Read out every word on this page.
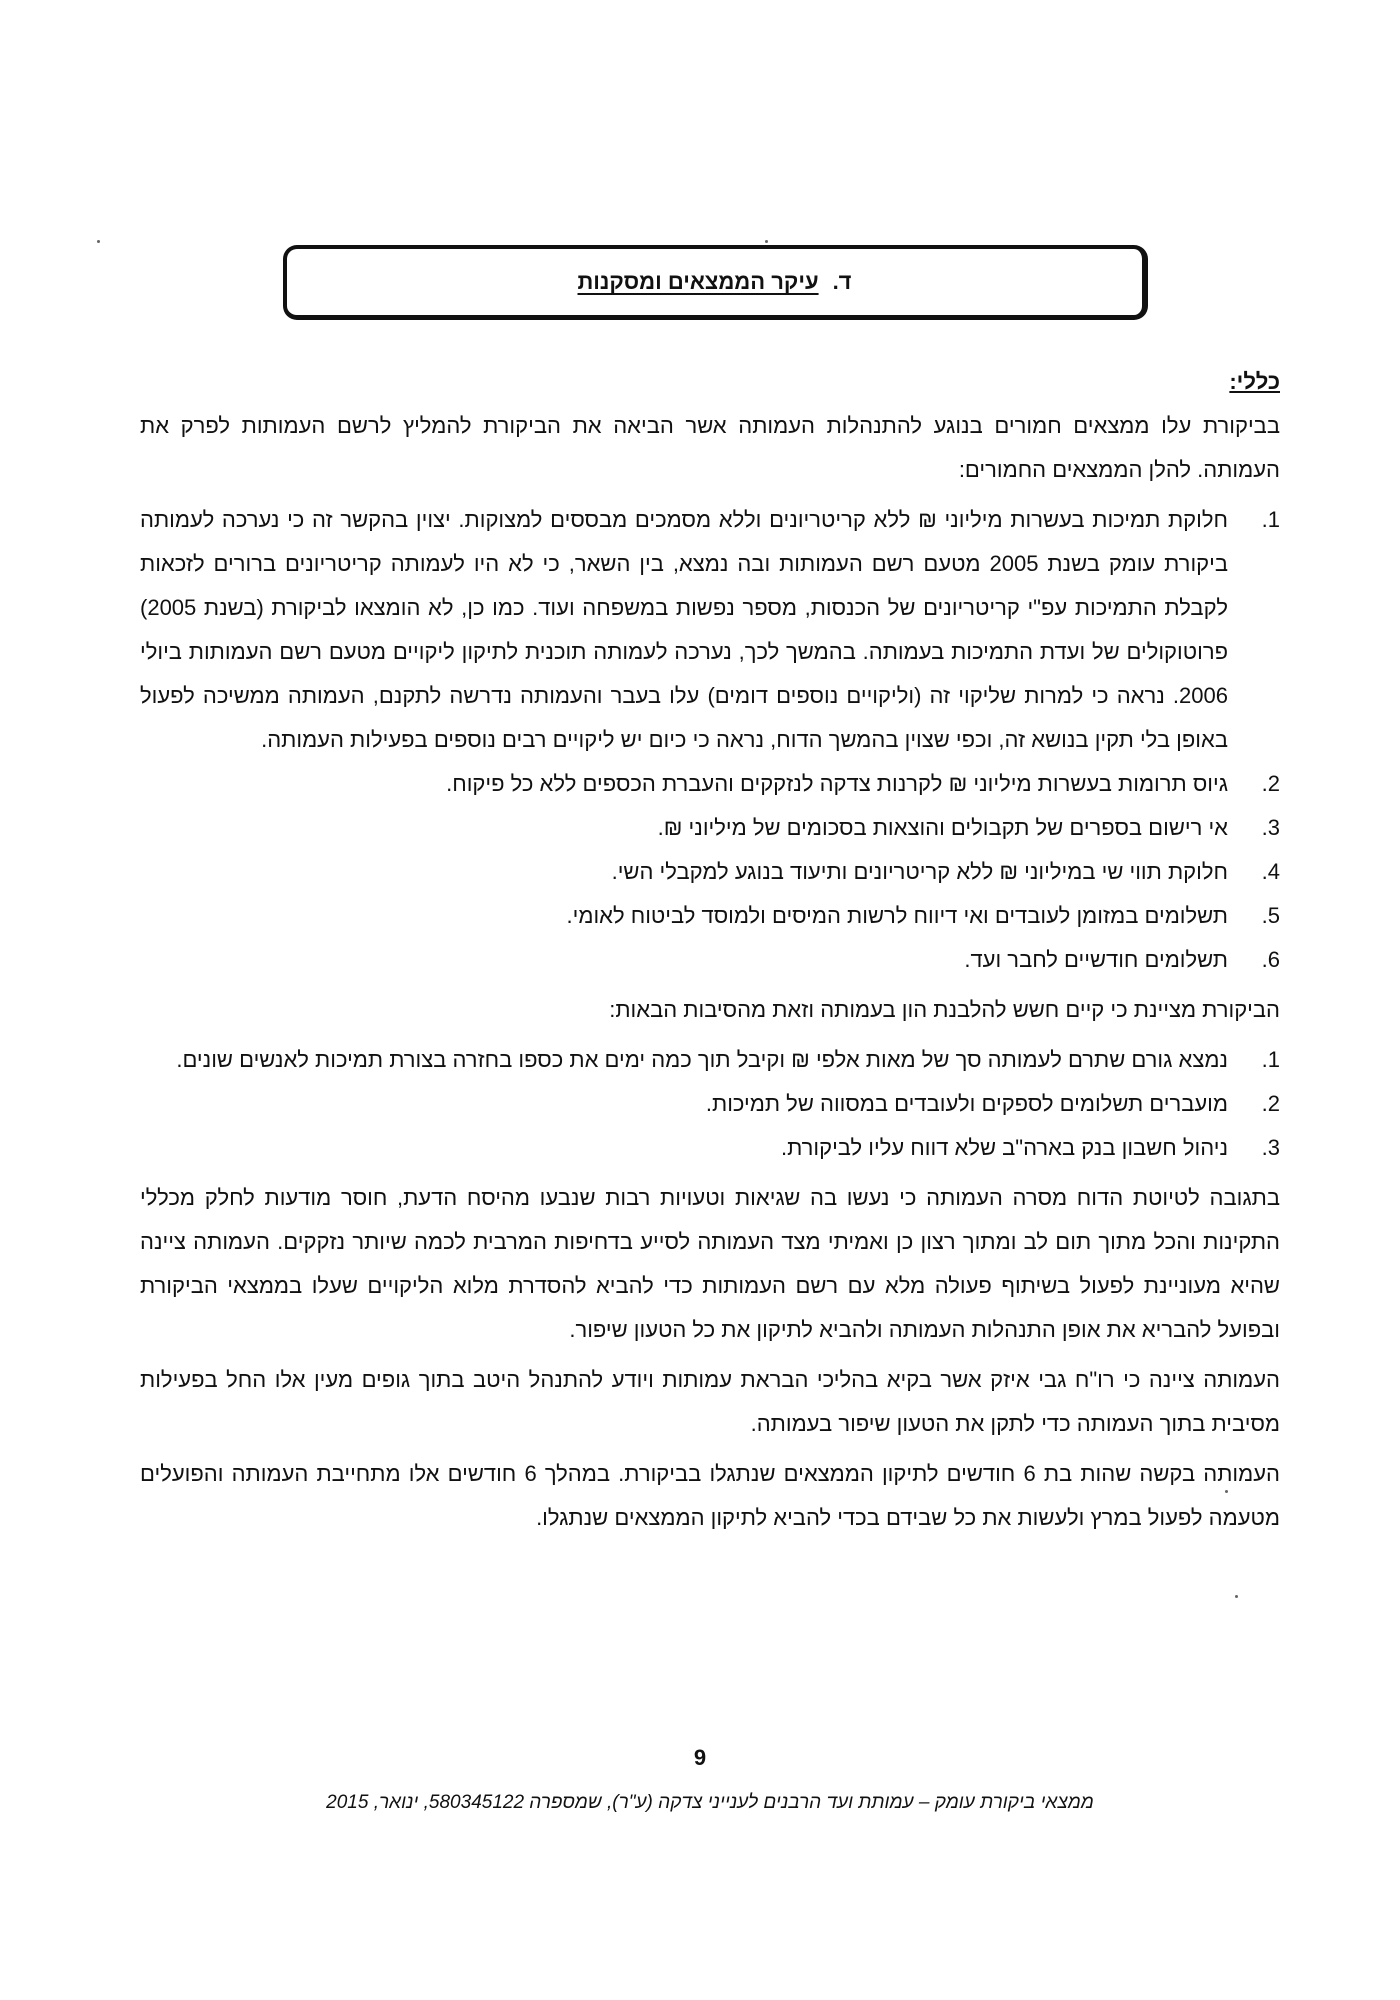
ד.עיקר הממצאים ומסקנות

כללי:

בביקורת עלו ממצאים חמורים בנוגע להתנהלות העמותה אשר הביאה את הביקורת להמליץ לרשם העמותות לפרק את העמותה. להלן הממצאים החמורים:

1.
חלוקת תמיכות בעשרות מיליוני ₪ ללא קריטריונים וללא מסמכים מבססים למצוקות. יצוין בהקשר זה כי נערכה לעמותה ביקורת עומק בשנת 2005 מטעם רשם העמותות ובה נמצא, בין השאר, כי לא היו לעמותה קריטריונים ברורים לזכאות לקבלת התמיכות עפ"י קריטריונים של הכנסות, מספר נפשות במשפחה ועוד. כמו כן, לא הומצאו לביקורת (בשנת 2005) פרוטוקולים של ועדת התמיכות בעמותה. בהמשך לכך, נערכה לעמותה תוכנית לתיקון ליקויים מטעם רשם העמותות ביולי 2006. נראה כי למרות שליקוי זה (וליקויים נוספים דומים) עלו בעבר והעמותה נדרשה לתקנם, העמותה ממשיכה לפעול באופן בלי תקין בנושא זה, וכפי שצוין בהמשך הדוח, נראה כי כיום יש ליקויים רבים נוספים בפעילות העמותה.
2.
גיוס תרומות בעשרות מיליוני ₪ לקרנות צדקה לנזקקים והעברת הכספים ללא כל פיקוח.
3.
אי רישום בספרים של תקבולים והוצאות בסכומים של מיליוני ₪.
4.
חלוקת תווי שי במיליוני ₪ ללא קריטריונים ותיעוד בנוגע למקבלי השי.
5.
תשלומים במזומן לעובדים ואי דיווח לרשות המיסים ולמוסד לביטוח לאומי.
6.
תשלומים חודשיים לחבר ועד.

הביקורת מציינת כי קיים חשש להלבנת הון בעמותה וזאת מהסיבות הבאות:

1.
נמצא גורם שתרם לעמותה סך של מאות אלפי ₪ וקיבל תוך כמה ימים את כספו בחזרה בצורת תמיכות לאנשים שונים.
2.
מועברים תשלומים לספקים ולעובדים במסווה של תמיכות.
3.
ניהול חשבון בנק בארה"ב שלא דווח עליו לביקורת.

בתגובה לטיוטת הדוח מסרה העמותה כי נעשו בה שגיאות וטעויות רבות שנבעו מהיסח הדעת, חוסר מודעות לחלק מכללי התקינות והכל מתוך תום לב ומתוך רצון כן ואמיתי מצד העמותה לסייע בדחיפות המרבית לכמה שיותר נזקקים. העמותה ציינה שהיא מעוניינת לפעול בשיתוף פעולה מלא עם רשם העמותות כדי להביא להסדרת מלוא הליקויים שעלו בממצאי הביקורת ובפועל להבריא את אופן התנהלות העמותה ולהביא לתיקון את כל הטעון שיפור.

העמותה ציינה כי רו"ח גבי איזק אשר בקיא בהליכי הבראת עמותות ויודע להתנהל היטב בתוך גופים מעין אלו החל בפעילות מסיבית בתוך העמותה כדי לתקן את הטעון שיפור בעמותה.

העמותה בקשה שהות בת 6 חודשים לתיקון הממצאים שנתגלו בביקורת. במהלך 6 חודשים אלו מתחייבת העמותה והפועלים מטעמה לפעול במרץ ולעשות את כל שבידם בכדי להביא לתיקון הממצאים שנתגלו.

9
ממצאי ביקורת עומק – עמותת ועד הרבנים לענייני צדקה (ע"ר), שמספרה 580345122, ינואר, 2015
